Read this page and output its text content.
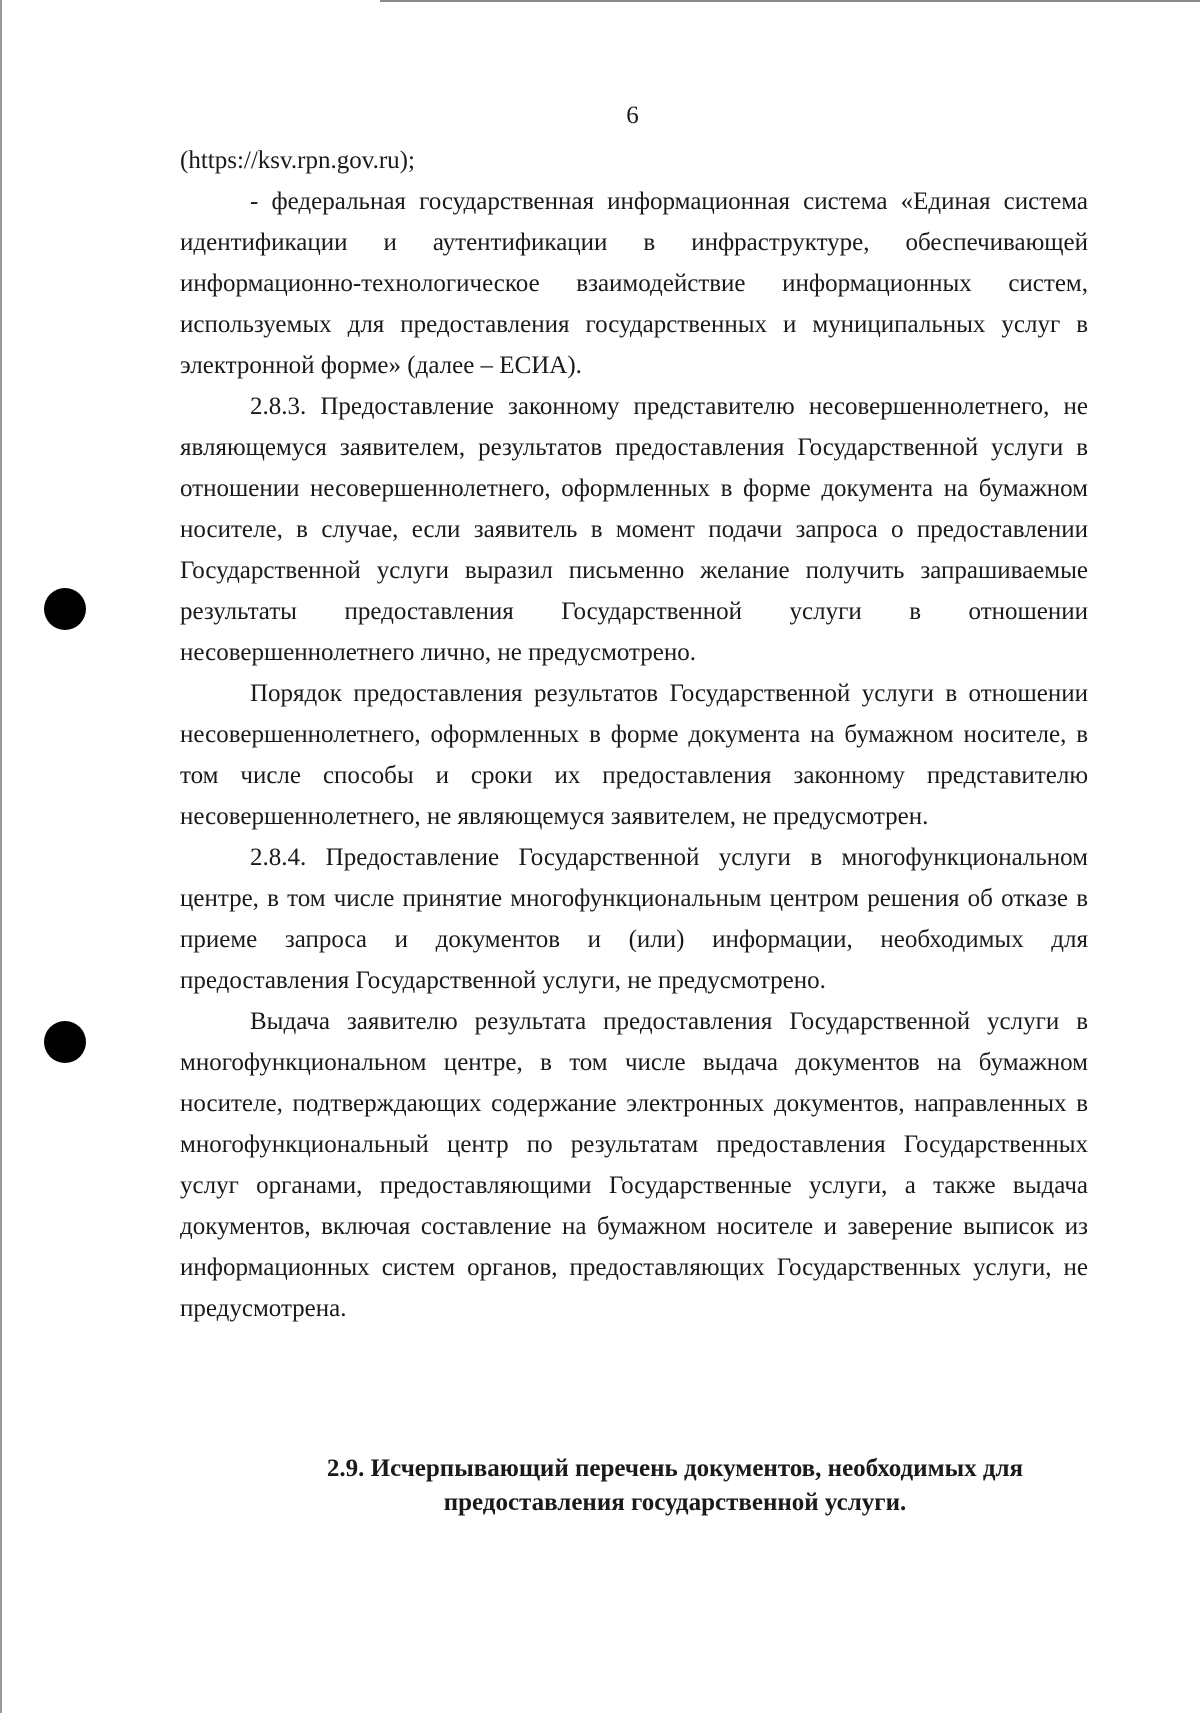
6

(https://ksv.rpn.gov.ru);

- федеральная государственная информационная система «Единая система идентификации и аутентификации в инфраструктуре, обеспечивающей информационно-технологическое взаимодействие информационных систем, используемых для предоставления государственных и муниципальных услуг в электронной форме» (далее – ЕСИА).

2.8.3. Предоставление законному представителю несовершеннолетнего, не являющемуся заявителем, результатов предоставления Государственной услуги в отношении несовершеннолетнего, оформленных в форме документа на бумажном носителе, в случае, если заявитель в момент подачи запроса о предоставлении Государственной услуги выразил письменно желание получить запрашиваемые результаты предоставления Государственной услуги в отношении несовершеннолетнего лично, не предусмотрено.

Порядок предоставления результатов Государственной услуги в отношении несовершеннолетнего, оформленных в форме документа на бумажном носителе, в том числе способы и сроки их предоставления законному представителю несовершеннолетнего, не являющемуся заявителем, не предусмотрен.

2.8.4. Предоставление Государственной услуги в многофункциональном центре, в том числе принятие многофункциональным центром решения об отказе в приеме запроса и документов и (или) информации, необходимых для предоставления Государственной услуги, не предусмотрено.

Выдача заявителю результата предоставления Государственной услуги в многофункциональном центре, в том числе выдача документов на бумажном носителе, подтверждающих содержание электронных документов, направленных в многофункциональный центр по результатам предоставления Государственных услуг органами, предоставляющими Государственные услуги, а также выдача документов, включая составление на бумажном носителе и заверение выписок из информационных систем органов, предоставляющих Государственных услуги, не предусмотрена.

2.9. Исчерпывающий перечень документов, необходимых для
предоставления государственной услуги.
